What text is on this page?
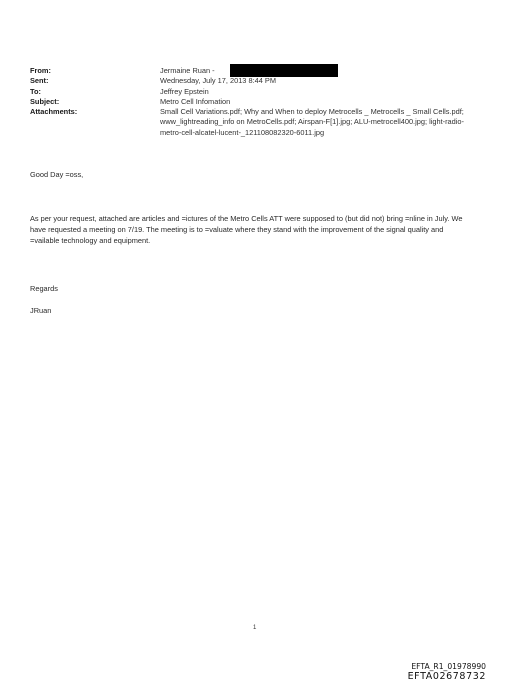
From:	Jermaine Ruan -
Sent:	Wednesday, July 17, 2013 8:44 PM
To:	Jeffrey Epstein
Subject:	Metro Cell Infomation
Attachments:	Small Cell Variations.pdf; Why and When to deploy Metrocells _ Metrocells _ Small Cells.pdf; www_lightreading_info on MetroCells.pdf; Airspan-F[1].jpg; ALU-metrocell400.jpg; light-radio-metro-cell-alcatel-lucent-_121108082320-6011.jpg
Good Day =oss,
As per your request, attached are articles and =ictures of the Metro Cells ATT were supposed to (but did not) bring =nline in July. We have requested a meeting on 7/19. The meeting is to =valuate where they stand with the improvement of the signal quality and =vailable technology and equipment.
Regards
JRuan
1
EFTA_R1_01978990
EFTA02678732
